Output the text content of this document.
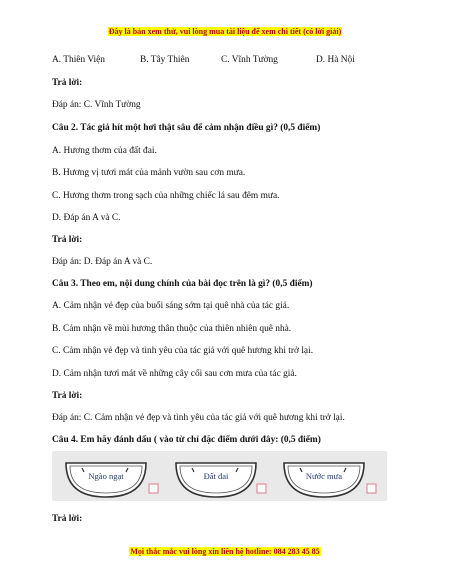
Đây là bản xem thử, vui lòng mua tài liệu để xem chi tiết (có lời giải)
A. Thiên Viện	B. Tây Thiên	C. Vĩnh Tường	D. Hà Nội
Trả lời:
Đáp án: C. Vĩnh Tường
Câu 2. Tác giả hít một hơi thật sâu để cảm nhận điều gì? (0,5 điểm)
A. Hương thơm của đất đai.
B. Hương vị tươi mát của mảnh vườn sau cơn mưa.
C. Hương thơm trong sạch của những chiếc lá sau đêm mưa.
D. Đáp án A và C.
Trả lời:
Đáp án: D. Đáp án A và C.
Câu 3. Theo em, nội dung chính của bài đọc trên là gì? (0,5 điểm)
A. Cảm nhận vẻ đẹp của buổi sáng sớm tại quê nhà của tác giả.
B. Cảm nhận về mùi hương thân thuộc của thiên nhiên quê nhà.
C. Cảm nhận vẻ đẹp và tình yêu của tác giả với quê hương khi trở lại.
D. Cảm nhận tươi mát về những cây cối sau cơn mưa của tác giả.
Trả lời:
Đáp án: C. Cảm nhận vẻ đẹp và tình yêu của tác giả với quê hương khi trở lại.
Câu 4. Em hãy đánh dấu ( vào từ chỉ đặc điểm dưới đây: (0,5 điểm)
Ngào ngạt	Đất đai	Nước mưa
Trả lời:
Mọi thắc mắc vui lòng xin liên hệ hotline: 084 283 45 85
